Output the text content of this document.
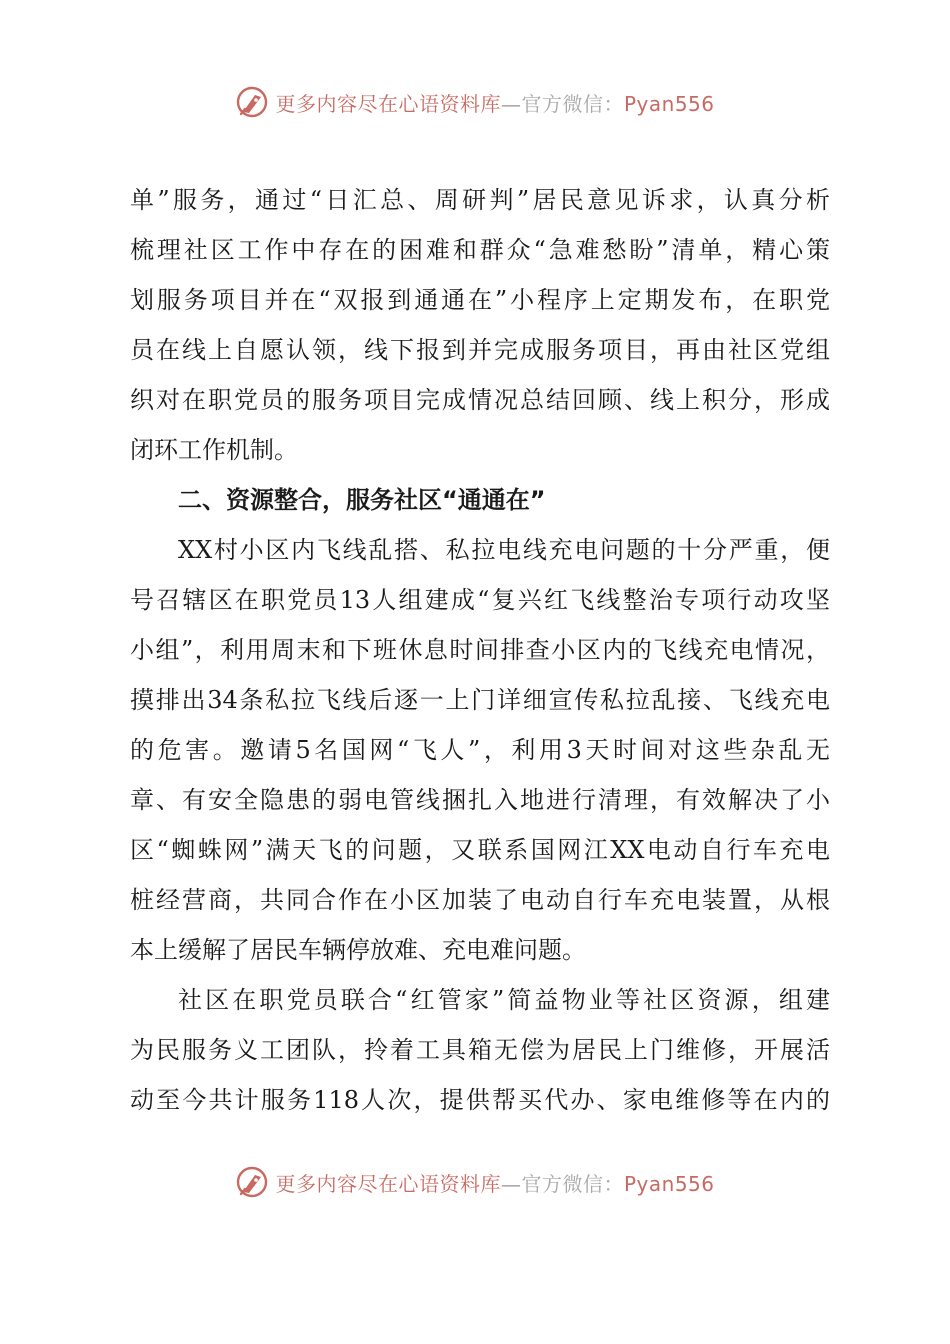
更多内容尽在心语资料库—官方微信：Pyan556
单”服务，通过“日汇总、周研判”居民意见诉求，认真分析
梳理社区工作中存在的困难和群众“急难愁盼”清单，精心策
划服务项目并在“双报到通通在”小程序上定期发布，在职党
员在线上自愿认领，线下报到并完成服务项目，再由社区党组
织对在职党员的服务项目完成情况总结回顾、线上积分，形成
闭环工作机制。
二、资源整合，服务社区“通通在”
XX村小区内飞线乱搭、私拉电线充电问题的十分严重，便
号召辖区在职党员13人组建成“复兴红飞线整治专项行动攻坚
小组”，利用周末和下班休息时间排查小区内的飞线充电情况，
摸排出34条私拉飞线后逐一上门详细宣传私拉乱接、飞线充电
的危害。邀请5名国网“飞人”，利用3天时间对这些杂乱无
章、有安全隐患的弱电管线捆扎入地进行清理，有效解决了小
区“蜘蛛网”满天飞的问题，又联系国网江XX电动自行车充电
桩经营商，共同合作在小区加装了电动自行车充电装置，从根
本上缓解了居民车辆停放难、充电难问题。
社区在职党员联合“红管家”简益物业等社区资源，组建
为民服务义工团队，拎着工具箱无偿为居民上门维修，开展活
动至今共计服务118人次，提供帮买代办、家电维修等在内的
更多内容尽在心语资料库—官方微信：Pyan556
